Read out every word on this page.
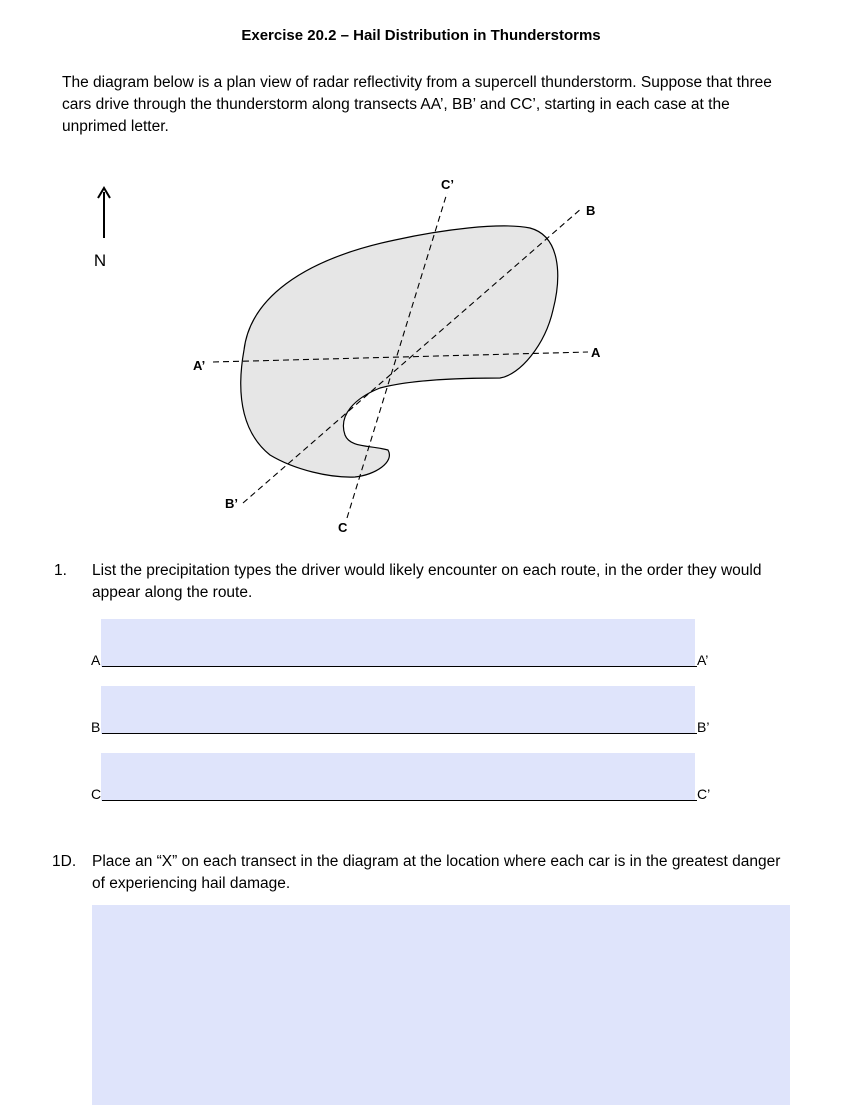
Exercise 20.2 – Hail Distribution in Thunderstorms
The diagram below is a plan view of radar reflectivity from a supercell thunderstorm. Suppose that three cars drive through the thunderstorm along transects AA’, BB’ and CC’, starting in each case at the unprimed letter.
N
A
A’
B
B’
C
C’
1. List the precipitation types the driver would likely encounter on each route, in the order they would appear along the route.
A	A’
B	B’
C	C’
1D. Place an “X” on each transect in the diagram at the location where each car is in the greatest danger of experiencing hail damage.
